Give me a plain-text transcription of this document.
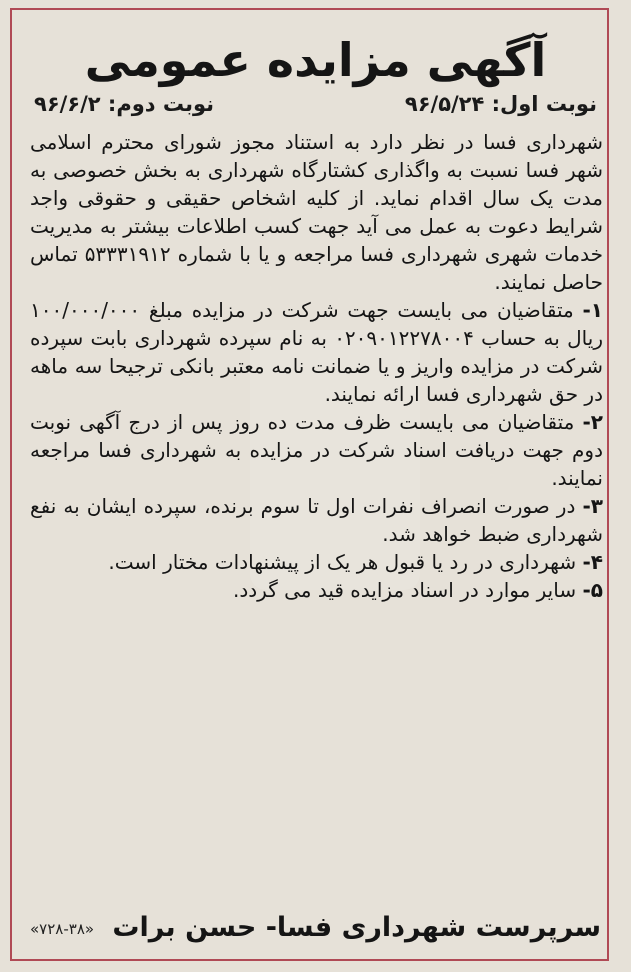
آگهی مزایده عمومی
نوبت اول: ۹۶/۵/۲۴
نوبت دوم: ۹۶/۶/۲

شهرداری فسا در نظر دارد به استناد مجوز شورای محترم اسلامی شهر فسا نسبت به واگذاری کشتارگاه شهرداری به بخش خصوصی به مدت یک سال اقدام نماید. از کلیه اشخاص حقیقی و حقوقی واجد شرایط دعوت به عمل می آید جهت کسب اطلاعات بیشتر به مدیریت خدمات شهری شهرداری فسا مراجعه و یا با شماره ۵۳۳۳۱۹۱۲ تماس حاصل نمایند.

۱- متقاضیان می بایست جهت شرکت در مزایده مبلغ ۱۰۰/۰۰۰/۰۰۰ ریال به حساب ۰۲۰۹۰۱۲۲۷۸۰۰۴ به نام سپرده شهرداری بابت سپرده شرکت در مزایده واریز و یا ضمانت نامه معتبر بانکی ترجیحا سه ماهه در حق شهرداری فسا ارائه نمایند.

۲- متقاضیان می بایست ظرف مدت ده روز پس از درج آگهی نوبت دوم جهت دریافت اسناد شرکت در مزایده به شهرداری فسا مراجعه نمایند.

۳- در صورت انصراف نفرات اول تا سوم برنده، سپرده ایشان به نفع شهرداری ضبط خواهد شد.

۴- شهرداری در رد یا قبول هر یک از پیشنهادات مختار است.

۵- سایر موارد در اسناد مزایده قید می گردد.

سرپرست شهرداری فسا- حسن برات
«۷۲۸-۳۸»
